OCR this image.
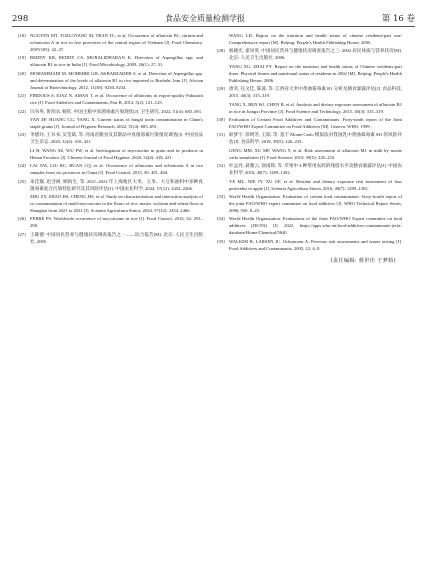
298	食品安全质量检测学报	第 16 卷
[18] NGUYEN MT, TOZLOVANU M, TRAN TL, et al. Occurrence of aflatoxin B1, citrinin and ochratoxin A in rice in five provinces of the central region of Vietnam [J]. Food Chemistry, 2007(105): 42–47.
[19] REDDY KR, REDDY CS, MURALIDHARAN K. Detection of Aspergillus spp. and aflatoxin B1 in rice in India [J]. Food Microbiology, 2009, 26(1): 27–31.
[20] MOHAMMADI M, MOHEBBI GH, AKBARZADEH S, et al. Detection of Aspergillus spp. and determination of the levels of aflatoxin B1 in rice imported to Bushehr, Iran [J]. African Journal of Biotechnology, 2012, 11(38): 9230–9234.
[21] FIRDOUS S, EJAZ N, AMAN T, et al. Occurrence of aflatoxins in export-quality Pakistani rice [J]. Food Additives and Contaminants, Part B, 2012, 5(2): 121–125.
[22] 闫书英, 黄青雨, 杨钦. 中国主粮中真菌毒素污染现状[J]. 卫生研究, 2022, 51(4): 685–691.
YAN ZF, HUANG CG, YANG X. Current status of fungal toxin contamination in China's staple grains [J]. Journal of Hygiene Research, 2022, 51(4): 685–691.
[23] 李德玲, 王书书, 吴莹斌, 等. 河南省粮食及其制品中真菌毒素污染情况调查[J]. 中国食品卫生杂志, 2020, 32(4): 418–421.
LI H, WANG SZ, WU FW, et al. Investigation of mycotoxins in grain and its products in Henan Province [J]. Chinese Journal of Food Hygiene, 2020, 32(4): 418–421.
[24] LAI XW, LIU RC, RUAN CQ, et al. Occurrence of aflatoxins and ochratoxin A in rice samples from six provinces in China [J]. Food Control, 2015, 50: 401–404.
[25] 朱佳敏, 赵含树, 顾海生, 等. 2021–2022 年上海地区大米、玉米、大豆和油料中多种真菌毒素复合污染特征研究及其风险评估[J]. 中国农业科学, 2024, 57(12): 2454–2466.
ZHU ZY, ZHAO HS, CHENG HS, et al. Study on characterization and interaction analysis of co-contamination of multi-mycotoxins in the flours of rice, maize, soybean and wheat flour in Shanghai from 2021 to 2022 [J]. Scientia Agricultura Sinica, 2024, 57(12): 2454–2466.
[26] FERRE FS. Worldwide occurrence of mycotoxins in rice [J]. Food Control, 2016, 62: 291–298.
[27] 王陇德. 中国居民营养与健康状况调查报告之一——综合报告[M]. 北京: 人民卫生出版社, 2005.
WANG LD. Report on the nutrition and health status of chinese residents-part one: Comprehensive report [M]. Beijing: People's Health Publishing House, 2005.
[28] 杨晓光, 翟凤英. 中国居民营养与健康状况调查报告之三: 2002 居民体质与营养状况[M]. 北京: 人民卫生出版社, 2006.
YANG XG, ZHAI FY. Report on the nutrition and health status of Chinese residents-part three: Physical fitness and nutritional status of residents in 2002 [M]. Beijing: People's Health Publishing House, 2006.
[29] 唐笑, 任文佳, 陈波, 等. 江西省大米中黄曲霉毒素 B1 分析及膳食暴露评估[J]. 食品科技, 2015, 40(3): 315–319.
TANG X, REN WJ, CHEN B, et al. Analysis and dietary exposure assessment of aflatoxin B1 in rice in Jiangxi Province [J]. Food Science and Technology, 2015, 40(3): 315–319.
[30] Evaluation of Certain Food Additives and Contaminants. Forty-ninth report of the Joint FAO/WHO Expert Committee on Food Additives [M]. Geneva: WHO, 1999.
[31] 耿梦宇, 徐明芳, 王阳, 等. 基于 Monte Carlo 模拟法对我国乳中黄曲霉毒素 M1 的风险评估[J]. 食品科学, 2018, 39(5): 226–233.
GENG MM, XU MF, WANG Y, et al. Risk assessment of aflatoxin M1 in milk by monte carlo simulation [J]. Food Science, 2018, 39(5): 226–233.
[32] 叶孟亮, 聂雅云, 徐国锋, 等. 苹果中 4 种常用农药的残留水平及膳食暴露评估[J]. 中国农业科学, 2016, 49(7): 1289–1302.
YE ML, NIE JY, XU GF, et al. Residue and dietary exposure risk assessment of four pesticides in apple [J]. Scientia Agricultura Sinica, 2016, 49(7): 1289–1302.
[33] World Health Organization. Evaluation of certain food contaminants: Sixty-fourth report of the joint FAO/WHO expert committee on food additives [J]. WHO Technical Report Series, 2006, 930: 8–25.
[34] World Health Organization. Evaluations of the Joint FAO/WHO Expert committee on food additives (JECFA) [J]. 2022. https://apps.who.int/food-additives-contaminants-jecfa-database/Home/Chemical/5640
[35] WALKER R, LARSEN JC. Ochratoxin A: Previous risk assessments and issues arising [J]. Food Additives and Contaminants, 2005, 22: 6–9.
(责任编辑: 蔡世佳 于梦娇)
